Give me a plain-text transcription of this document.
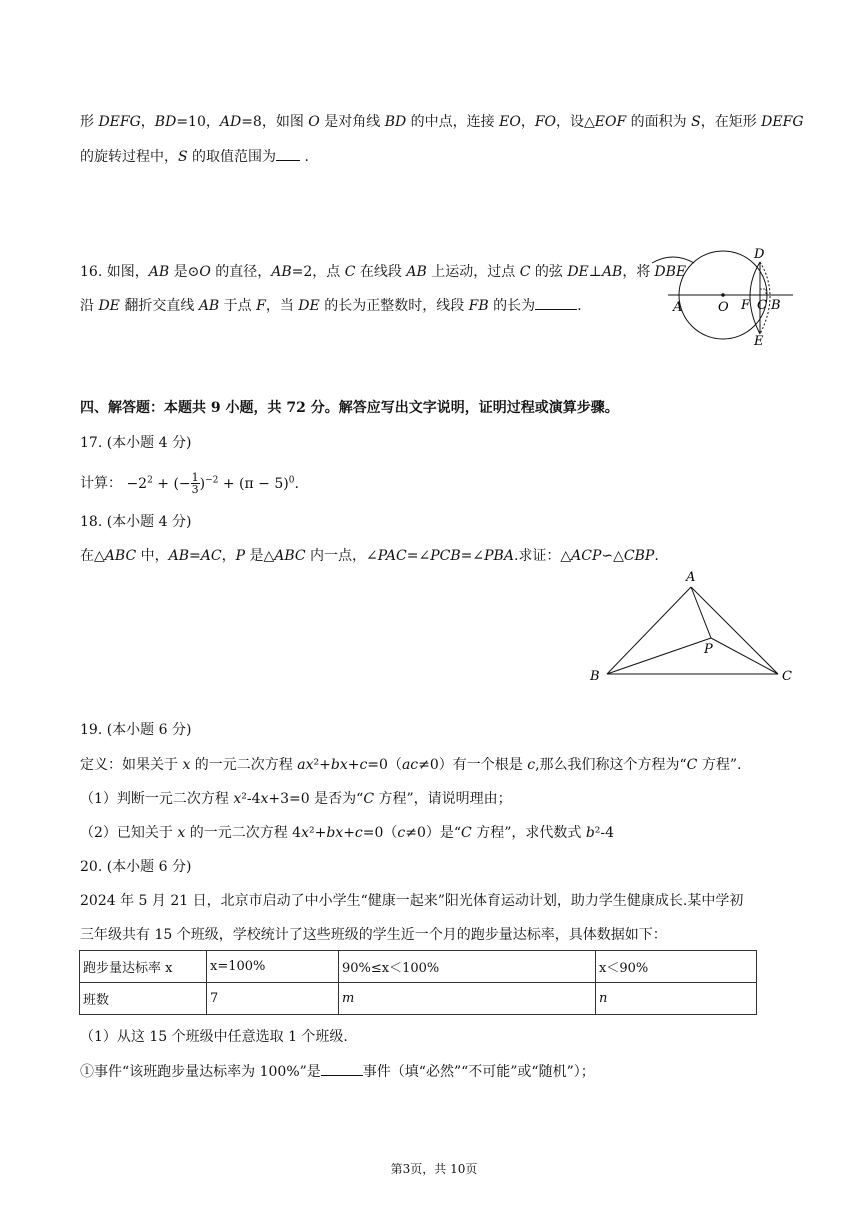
形 DEFG，BD=10，AD=8，如图 O 是对角线 BD 的中点，连接 EO，FO，设△EOF 的面积为 S，在矩形 DEFG
的旋转过程中，S 的取值范围为 .
16. 如图，AB 是⊙O 的直径，AB=2，点 C 在线段 AB 上运动，过点 C 的弦 DE⊥AB，将 DBE
沿 DE 翻折交直线 AB 于点 F，当 DE 的长为正整数时，线段 FB 的长为	.	A	O F C B
D
E
四、解答题：本题共 9 小题，共 72 分。解答应写出文字说明，证明过程或演算步骤。
17. (本小题 4 分)
计算： $-2^2$ + (− $\frac{1}{3} )^{-2} + (\pi - 5)^0$.
18. (本小题 4 分)
在△ABC 中，AB=AC，P 是△ABC 内一点，∠PAC=∠PCB=∠PBA.求证：△ACP∽△CBP.
A
B	C
P
19. (本小题 6 分)
定义：如果关于 x 的一元二次方程 ax²+bx+c=0（ac≠0）有一个根是 c,那么我们称这个方程为“C 方程”.
（1）判断一元二次方程 x²-4x+3=0 是否为“C 方程”，请说明理由；
（2）已知关于 x 的一元二次方程 4x²+bx+c=0（c≠0）是“C 方程”，求代数式 b²-4
20. (本小题 6 分)
2024 年 5 月 21 日，北京市启动了中小学生“健康一起来”阳光体育运动计划，助力学生健康成长.某中学初
三年级共有 15 个班级，学校统计了这些班级的学生近一个月的跑步量达标率，具体数据如下：
跑步量达标率 x	x=100%	90%≤x＜100%	x＜90%
班数	7	m	n
（1）从这 15 个班级中任意选取 1 个班级.
①事件“该班跑步量达标率为 100%”是	事件（填“必然”“不可能”或“随机”）；
第3页，共 10页
